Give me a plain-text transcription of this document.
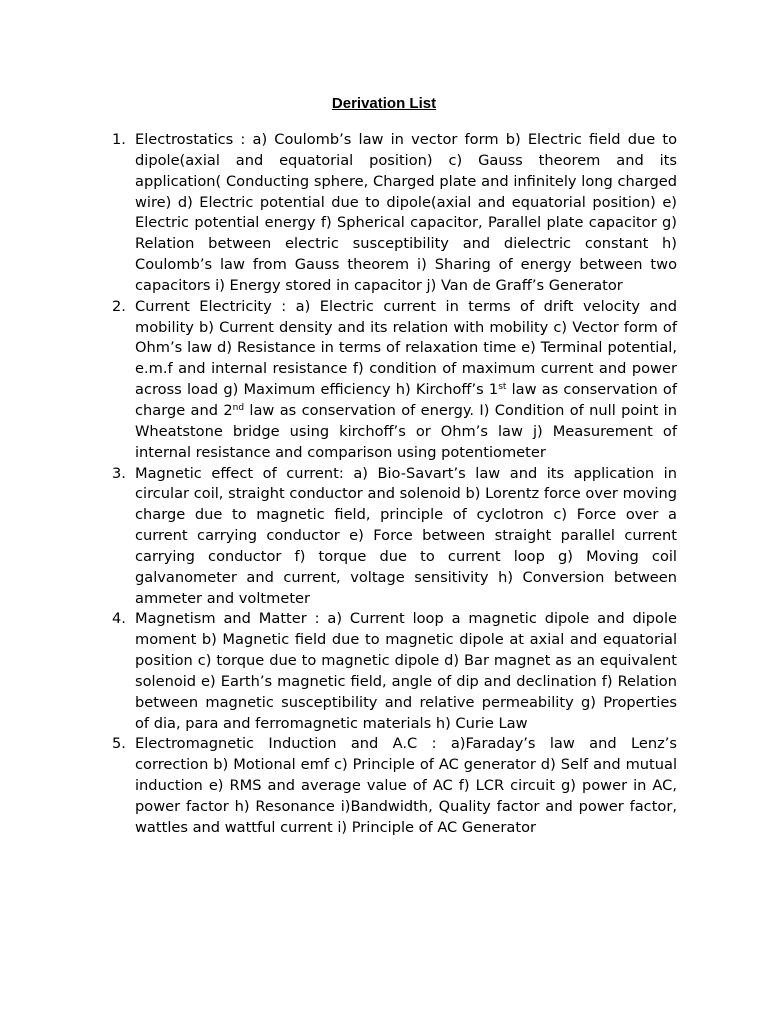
Derivation List
1. Electrostatics : a) Coulomb’s law in vector form b) Electric field due to dipole(axial and equatorial position) c) Gauss theorem and its application( Conducting sphere, Charged plate and infinitely long charged wire) d) Electric potential due to dipole(axial and equatorial position) e) Electric potential energy f) Spherical capacitor, Parallel plate capacitor g) Relation between electric susceptibility and dielectric constant h) Coulomb’s law from Gauss theorem i) Sharing of energy between two capacitors i) Energy stored in capacitor j) Van de Graff’s Generator
2. Current Electricity : a) Electric current in terms of drift velocity and mobility b) Current density and its relation with mobility c) Vector form of Ohm’s law d) Resistance in terms of relaxation time e) Terminal potential, e.m.f and internal resistance f) condition of maximum current and power across load g) Maximum efficiency h) Kirchoff’s 1st law as conservation of charge and 2nd law as conservation of energy. I) Condition of null point in Wheatstone bridge using kirchoff’s or Ohm’s law j) Measurement of internal resistance and comparison using potentiometer
3. Magnetic effect of current: a) Bio-Savart’s law and its application in circular coil, straight conductor and solenoid b) Lorentz force over moving charge due to magnetic field, principle of cyclotron c) Force over a current carrying conductor e) Force between straight parallel current carrying conductor f) torque due to current loop g) Moving coil galvanometer and current, voltage sensitivity h) Conversion between ammeter and voltmeter
4. Magnetism and Matter : a) Current loop a magnetic dipole and dipole moment b) Magnetic field due to magnetic dipole at axial and equatorial position c) torque due to magnetic dipole d) Bar magnet as an equivalent solenoid e) Earth’s magnetic field, angle of dip and declination f) Relation between magnetic susceptibility and relative permeability g) Properties of dia, para and ferromagnetic materials h) Curie Law
5. Electromagnetic Induction and A.C : a)Faraday’s law and Lenz’s correction b) Motional emf c) Principle of AC generator d) Self and mutual induction e) RMS and average value of AC f) LCR circuit g) power in AC, power factor h) Resonance i)Bandwidth, Quality factor and power factor, wattles and wattful current i) Principle of AC Generator
